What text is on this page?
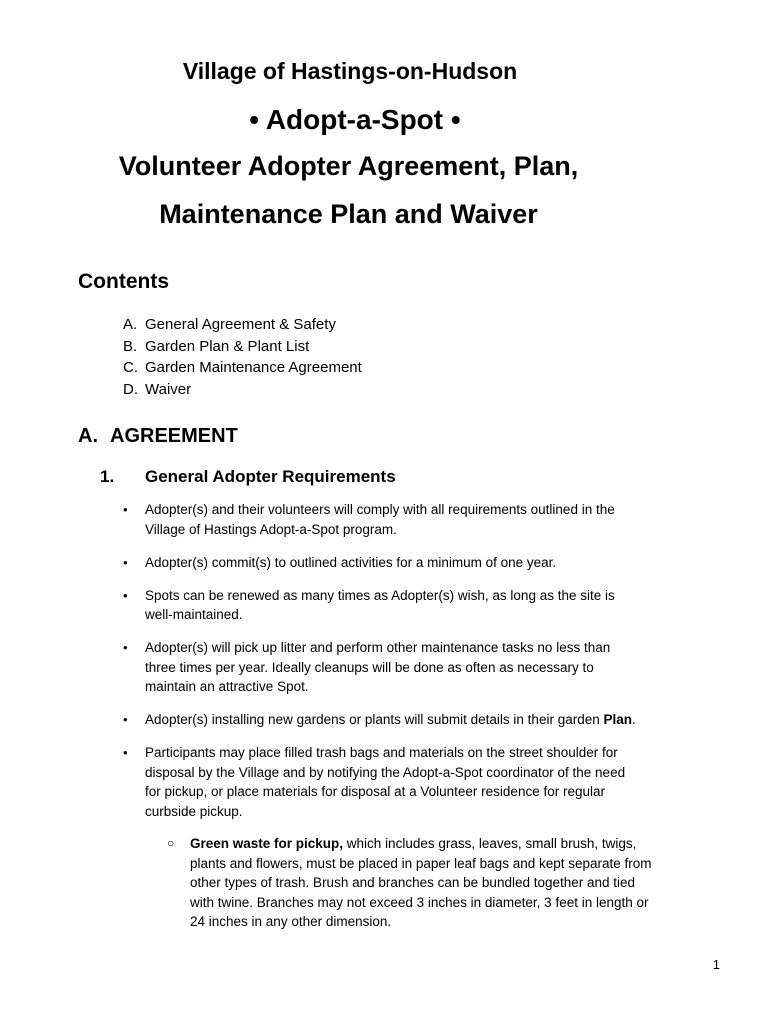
Village of Hastings-on-Hudson
• Adopt-a-Spot •
Volunteer Adopter Agreement, Plan,
Maintenance Plan and Waiver
Contents
A. General Agreement & Safety
B. Garden Plan & Plant List
C. Garden Maintenance Agreement
D. Waiver
A. AGREEMENT
1. General Adopter Requirements
• Adopter(s) and their volunteers will comply with all requirements outlined in the Village of Hastings Adopt-a-Spot program.
• Adopter(s) commit(s) to outlined activities for a minimum of one year.
• Spots can be renewed as many times as Adopter(s) wish, as long as the site is well-maintained.
• Adopter(s) will pick up litter and perform other maintenance tasks no less than three times per year. Ideally cleanups will be done as often as necessary to maintain an attractive Spot.
• Adopter(s) installing new gardens or plants will submit details in their garden Plan.
• Participants may place filled trash bags and materials on the street shoulder for disposal by the Village and by notifying the Adopt-a-Spot coordinator of the need for pickup, or place materials for disposal at a Volunteer residence for regular curbside pickup.
○ Green waste for pickup, which includes grass, leaves, small brush, twigs, plants and flowers, must be placed in paper leaf bags and kept separate from other types of trash. Brush and branches can be bundled together and tied with twine. Branches may not exceed 3 inches in diameter, 3 feet in length or 24 inches in any other dimension.
1
